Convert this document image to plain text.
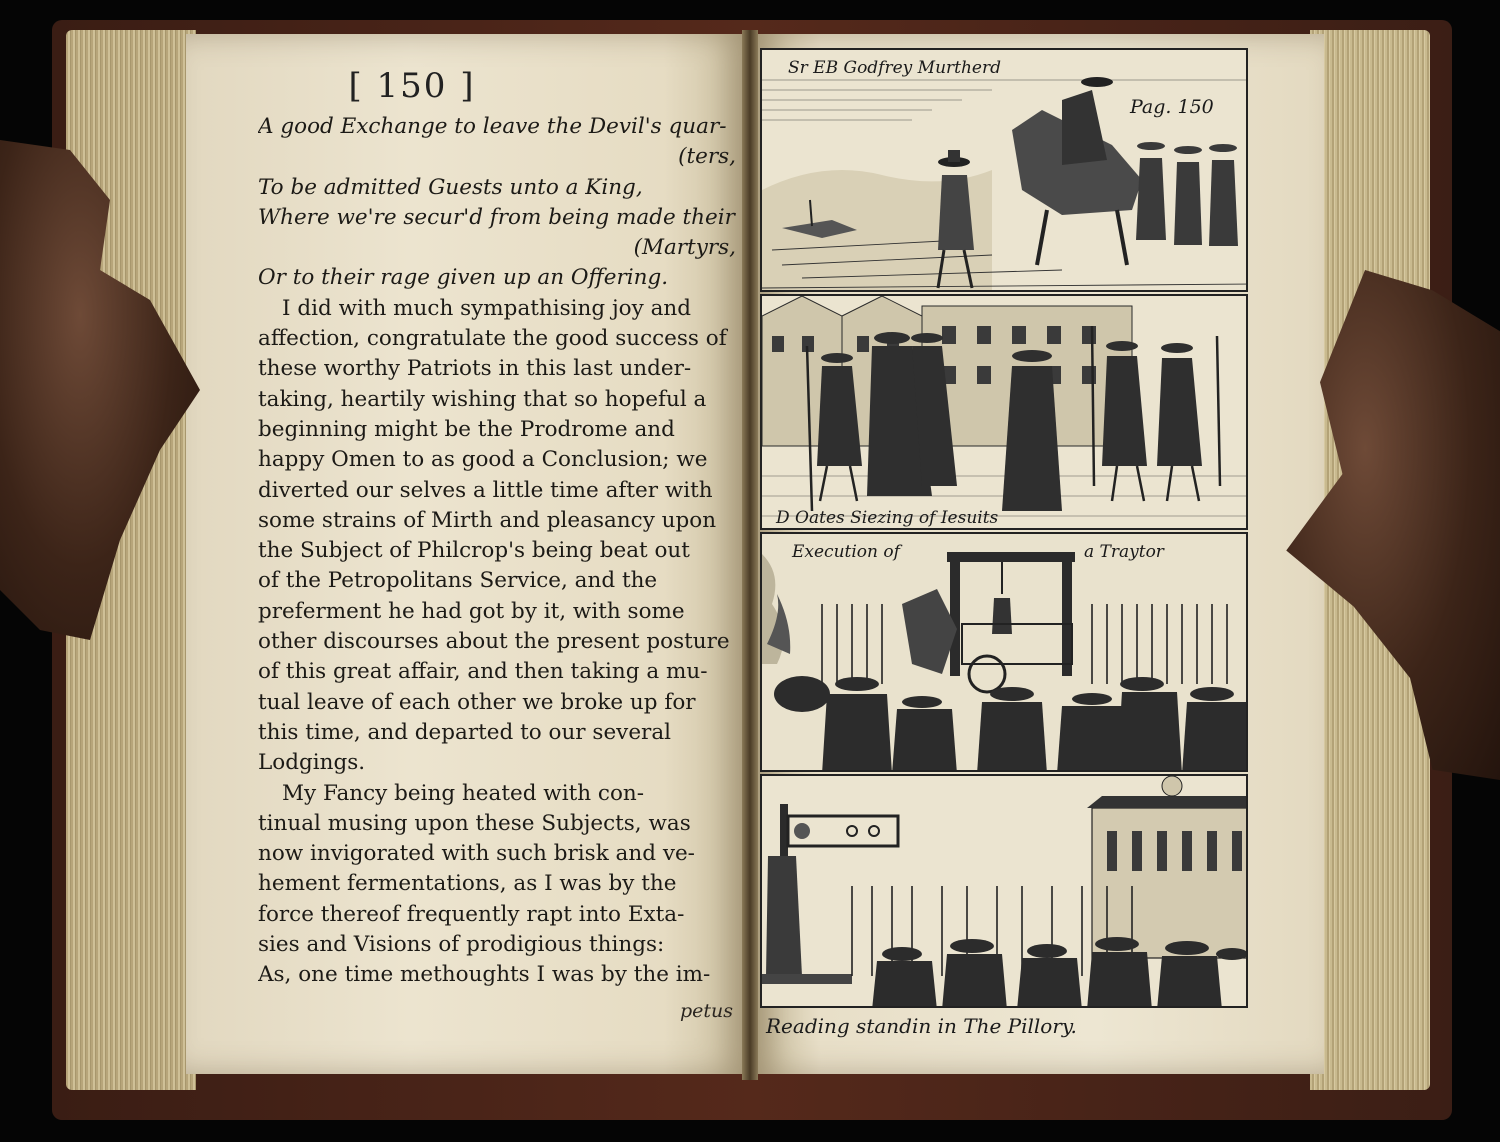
[ 150 ]
A good Exchange to leave the Devil's quar-
(ters,
To be admitted Guests unto a King,
Where we're secur'd from being made their
(Martyrs,
Or to their rage given up an Offering.
I did with much sympathising joy and
affection, congratulate the good success of
these worthy Patriots in this last under-
taking, heartily wishing that so hopeful a
beginning might be the Prodrome and
happy Omen to as good a Conclusion; we
diverted our selves a little time after with
some strains of Mirth and pleasancy upon
the Subject of Philcrop's being beat out
of the Petropolitans Service, and the
preferment he had got by it, with some
other discourses about the present posture
of this great affair, and then taking a mu-
tual leave of each other we broke up for
this time, and departed to our several
Lodgings.
My Fancy being heated with con-
tinual musing upon these Subjects, was
now invigorated with such brisk and ve-
hement fermentations, as I was by the
force thereof frequently rapt into Exta-
sies and Visions of prodigious things:
As, one time methoughts I was by the im-
petus
Sr EB Godfrey Murtherd
Pag. 150
D Oates Siezing of Iesuits
Execution of	a Traytor
Reading standin in The Pillory.
